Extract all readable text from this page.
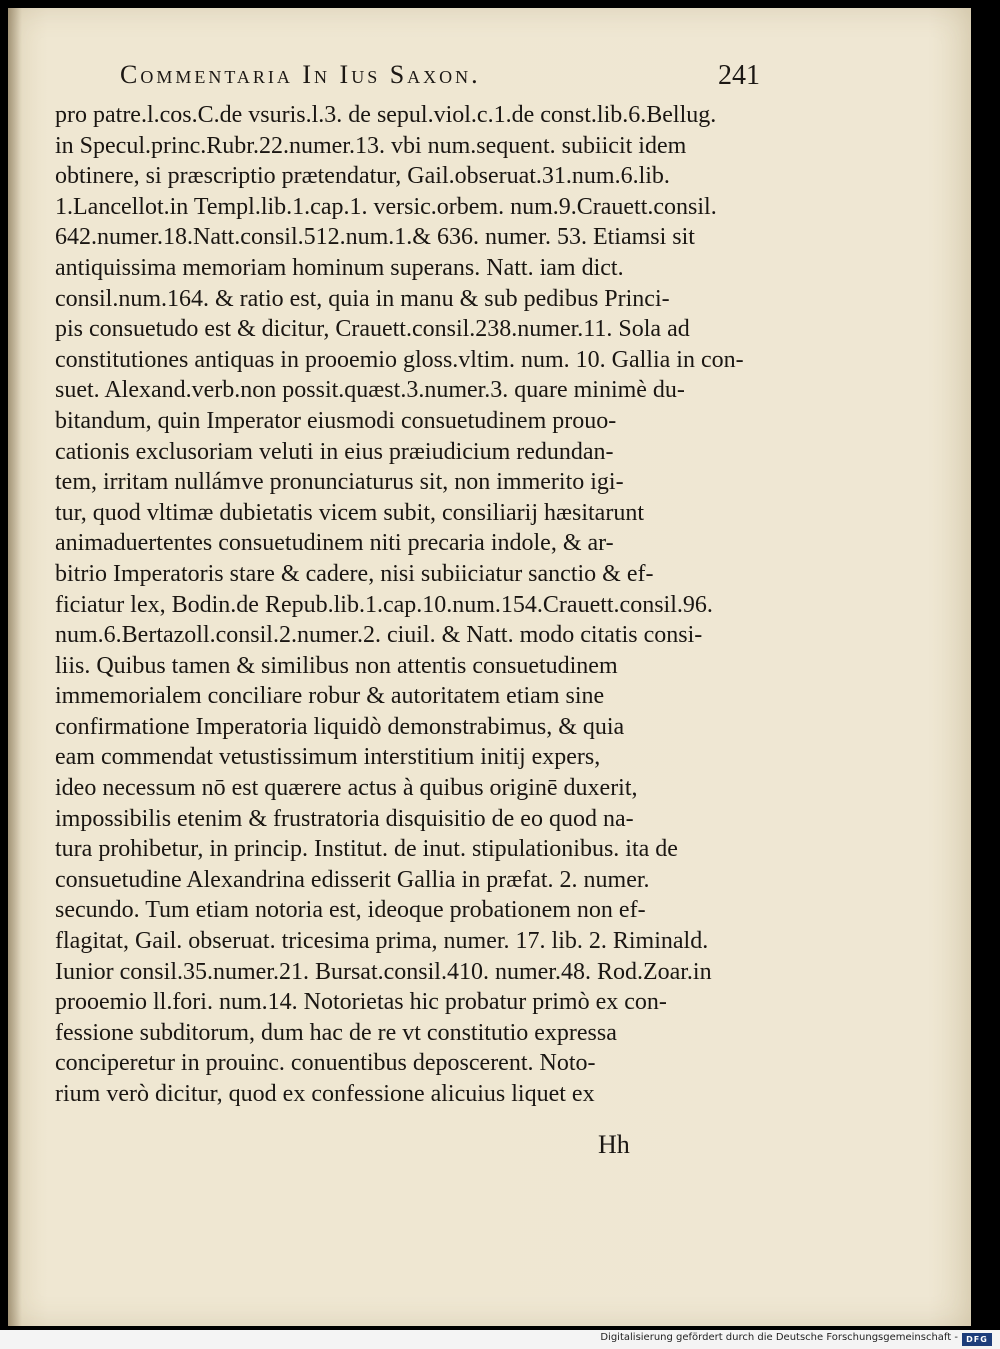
Commentaria In Ius Saxon.	241
pro patre.l.cos.C.de vsuris.l.3. de sepul.viol.c.1.de const.lib.6.Bellug.
in Specul.princ.Rubr.22.numer.13. vbi num.sequent. subiicit idem
obtinere, si præscriptio prætendatur, Gail.obseruat.31.num.6.lib.
1.Lancellot.in Templ.lib.1.cap.1. versic.orbem. num.9.Crauett.consil.
642.numer.18.Natt.consil.512.num.1.& 636. numer. 53. Etiamsi sit
antiquissima memoriam hominum superans. Natt. iam dict.
consil.num.164. & ratio est, quia in manu & sub pedibus Princi-
pis consuetudo est & dicitur, Crauett.consil.238.numer.11. Sola ad
constitutiones antiquas in prooemio gloss.vltim. num. 10. Gallia in con-
suet. Alexand.verb.non possit.quæst.3.numer.3. quare minimè du-
bitandum, quin Imperator eiusmodi consuetudinem prouo-
cationis exclusoriam veluti in eius præiudicium redundan-
tem, irritam nullámve pronunciaturus sit, non immerito igi-
tur, quod vltimæ dubietatis vicem subit, consiliarij hæsitarunt
animaduertentes consuetudinem niti precaria indole, & ar-
bitrio Imperatoris stare & cadere, nisi subiiciatur sanctio & ef-
ficiatur lex, Bodin.de Repub.lib.1.cap.10.num.154.Crauett.consil.96.
num.6.Bertazoll.consil.2.numer.2. ciuil. & Natt. modo citatis consi-
liis. Quibus tamen & similibus non attentis consuetudinem
immemorialem conciliare robur & autoritatem etiam sine
confirmatione Imperatoria liquidò demonstrabimus, & quia
eam commendat vetustissimum interstitium initij expers,
ideo necessum nō est quærere actus à quibus originē duxerit,
impossibilis etenim & frustratoria disquisitio de eo quod na-
tura prohibetur, in princip. Institut. de inut. stipulationibus. ita de
consuetudine Alexandrina edisserit Gallia in præfat. 2. numer.
secundo. Tum etiam notoria est, ideoque probationem non ef-
flagitat, Gail. obseruat. tricesima prima, numer. 17. lib. 2. Riminald.
Iunior consil.35.numer.21. Bursat.consil.410. numer.48. Rod.Zoar.in
prooemio ll.fori. num.14. Notorietas hic probatur primò ex con-
fessione subditorum, dum hac de re vt constitutio expressa
conciperetur in prouinc. conuentibus deposcerent. Noto-
rium verò dicitur, quod ex confessione alicuius liquet ex
Hh
Digitalisierung gefördert durch die Deutsche Forschungsgemeinschaft -	DFG
